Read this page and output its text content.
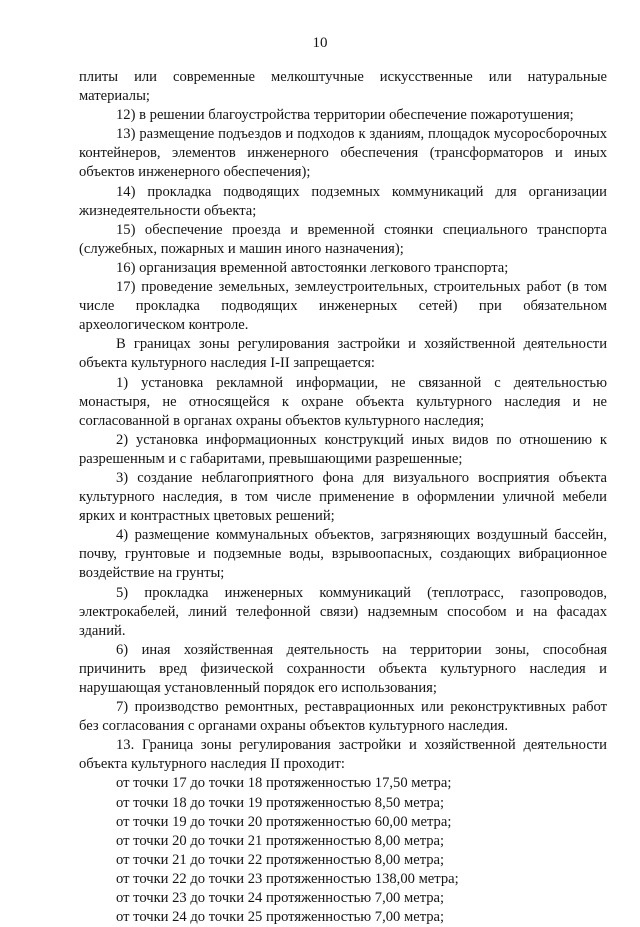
10

плиты или современные мелкоштучные искусственные или натуральные материалы;

12) в решении благоустройства территории обеспечение пожаротушения;

13) размещение подъездов и подходов к зданиям, площадок мусоросборочных контейнеров, элементов инженерного обеспечения (трансформаторов и иных объектов инженерного обеспечения);

14) прокладка подводящих подземных коммуникаций для организации жизнедеятельности объекта;

15) обеспечение проезда и временной стоянки специального транспорта (служебных, пожарных и машин иного назначения);

16) организация временной автостоянки легкового транспорта;

17) проведение земельных, землеустроительных, строительных работ (в том числе прокладка подводящих инженерных сетей) при обязательном археологическом контроле.

В границах зоны регулирования застройки и хозяйственной деятельности объекта культурного наследия I-II запрещается:

1) установка рекламной информации, не связанной с деятельностью монастыря, не относящейся к охране объекта культурного наследия и не согласованной в органах охраны объектов культурного наследия;

2) установка информационных конструкций иных видов по отношению к разрешенным и с габаритами, превышающими разрешенные;

3) создание неблагоприятного фона для визуального восприятия объекта культурного наследия, в том числе применение в оформлении уличной мебели ярких и контрастных цветовых решений;

4) размещение коммунальных объектов, загрязняющих воздушный бассейн, почву, грунтовые и подземные воды, взрывоопасных, создающих вибрационное воздействие на грунты;

5) прокладка инженерных коммуникаций (теплотрасс, газопроводов, электрокабелей, линий телефонной связи) надземным способом и на фасадах зданий.

6) иная хозяйственная деятельность на территории зоны, способная причинить вред физической сохранности объекта культурного наследия и нарушающая установленный порядок его использования;

7) производство ремонтных, реставрационных или реконструктивных работ без согласования с органами охраны объектов культурного наследия.

13. Граница зоны регулирования застройки и хозяйственной деятельности объекта культурного наследия II проходит:

от точки 17 до точки 18 протяженностью 17,50 метра;

от точки 18 до точки 19 протяженностью 8,50 метра;

от точки 19 до точки 20 протяженностью 60,00 метра;

от точки 20 до точки 21 протяженностью 8,00 метра;

от точки 21 до точки 22 протяженностью 8,00 метра;

от точки 22 до точки 23 протяженностью 138,00 метра;

от точки 23 до точки 24 протяженностью 7,00 метра;

от точки 24 до точки 25 протяженностью 7,00 метра;
